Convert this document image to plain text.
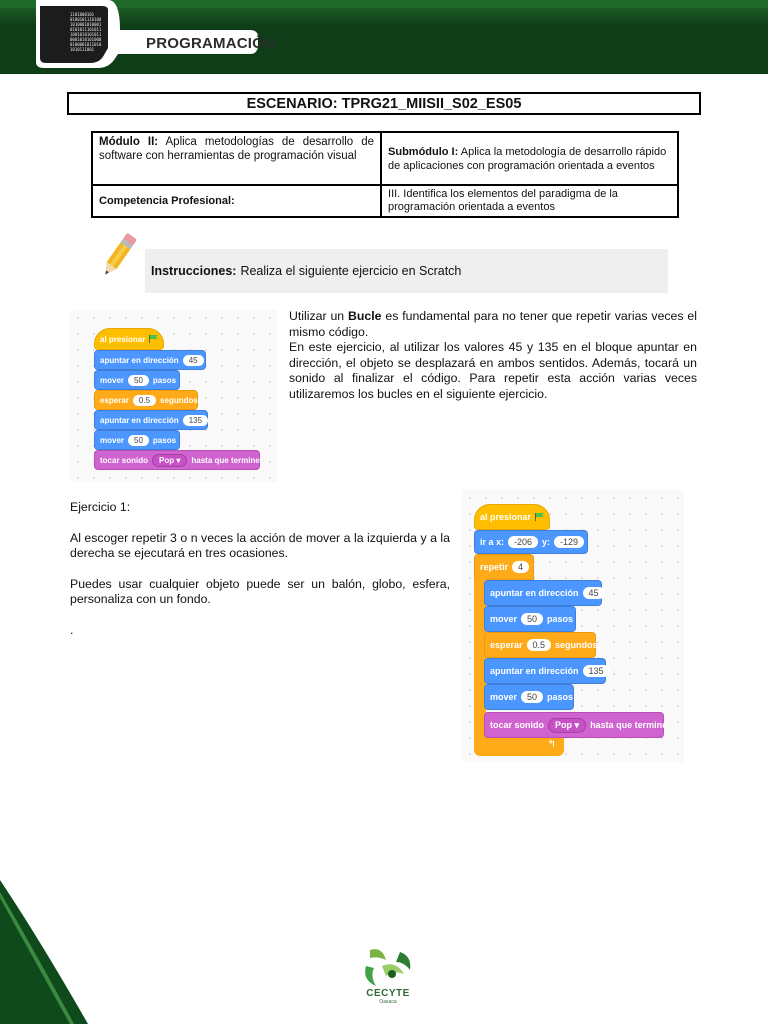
1101000101
0100101110100
1010001010001
0101011101011
1001010101011
0001010101000
0100001011010
1010111001	PROGRAMACIÓN
ESCENARIO: TPRG21_MIISII_S02_ES05
Módulo II: Aplica metodologías de desarrollo de software con herramientas de programación visual	Submódulo I: Aplica la metodología de desarrollo rápido de aplicaciones con programación orientada a eventos
Competencia Profesional:	III. Identifica los elementos del paradigma de la programación orientada a eventos
Instrucciones: Realiza el siguiente ejercicio en Scratch
al presionar
apuntar en dirección	45
mover	50	pasos
esperar	0.5	segundos
apuntar en dirección	135
mover	50	pasos
tocar sonido Pop
▾ hasta que termine

Utilizar un Bucle es fundamental para no tener que repetir varias veces el mismo código.

En este ejercicio, al utilizar los valores 45 y 135 en el bloque apuntar en dirección, el objeto se desplazará en ambos sentidos. Además, tocará un sonido al finalizar el código. Para repetir esta acción varias veces utilizaremos los bucles en el siguiente ejercicio.

Ejercicio 1:

Al escoger repetir 3 o n veces la acción de mover a la izquierda y a la derecha se ejecutará en tres ocasiones.

Puedes usar cualquier objeto puede ser un balón, globo, esfera, personaliza con un fondo.

.

al presionar
ir a x:	-206	y:	-129
repetir	4
↰
apuntar en dirección	45
mover	50	pasos
esperar	0.5	segundos
apuntar en dirección	135
mover	50	pasos
tocar sonido Pop
▾ hasta que termine
CECYTE
Oaxaca
